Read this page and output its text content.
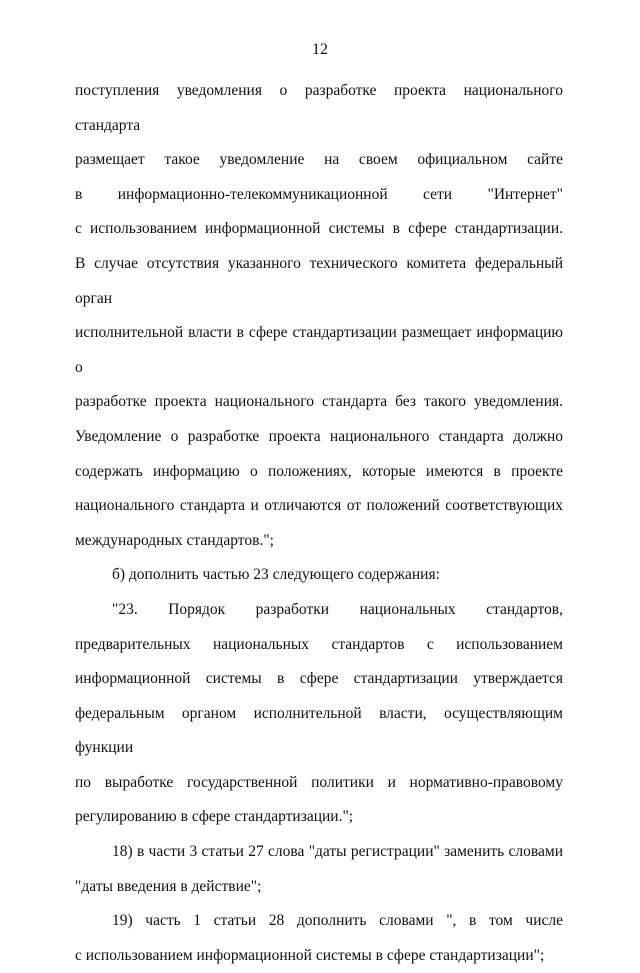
12
поступления уведомления о разработке проекта национального стандарта
размещает такое уведомление на своем официальном сайте
в информационно-телекоммуникационной сети "Интернет"
с использованием информационной системы в сфере стандартизации.
В случае отсутствия указанного технического комитета федеральный орган
исполнительной власти в сфере стандартизации размещает информацию о
разработке проекта национального стандарта без такого уведомления.
Уведомление о разработке проекта национального стандарта должно
содержать информацию о положениях, которые имеются в проекте
национального стандарта и отличаются от положений соответствующих
международных стандартов.";
б) дополнить частью 23 следующего содержания:
"23. Порядок разработки национальных стандартов,
предварительных национальных стандартов с использованием
информационной системы в сфере стандартизации утверждается
федеральным органом исполнительной власти, осуществляющим функции
по выработке государственной политики и нормативно-правовому
регулированию в сфере стандартизации.";
18) в части 3 статьи 27 слова "даты регистрации" заменить словами
"даты введения в действие";
19) часть 1 статьи 28 дополнить словами ", в том числе
с использованием информационной системы в сфере стандартизации";
